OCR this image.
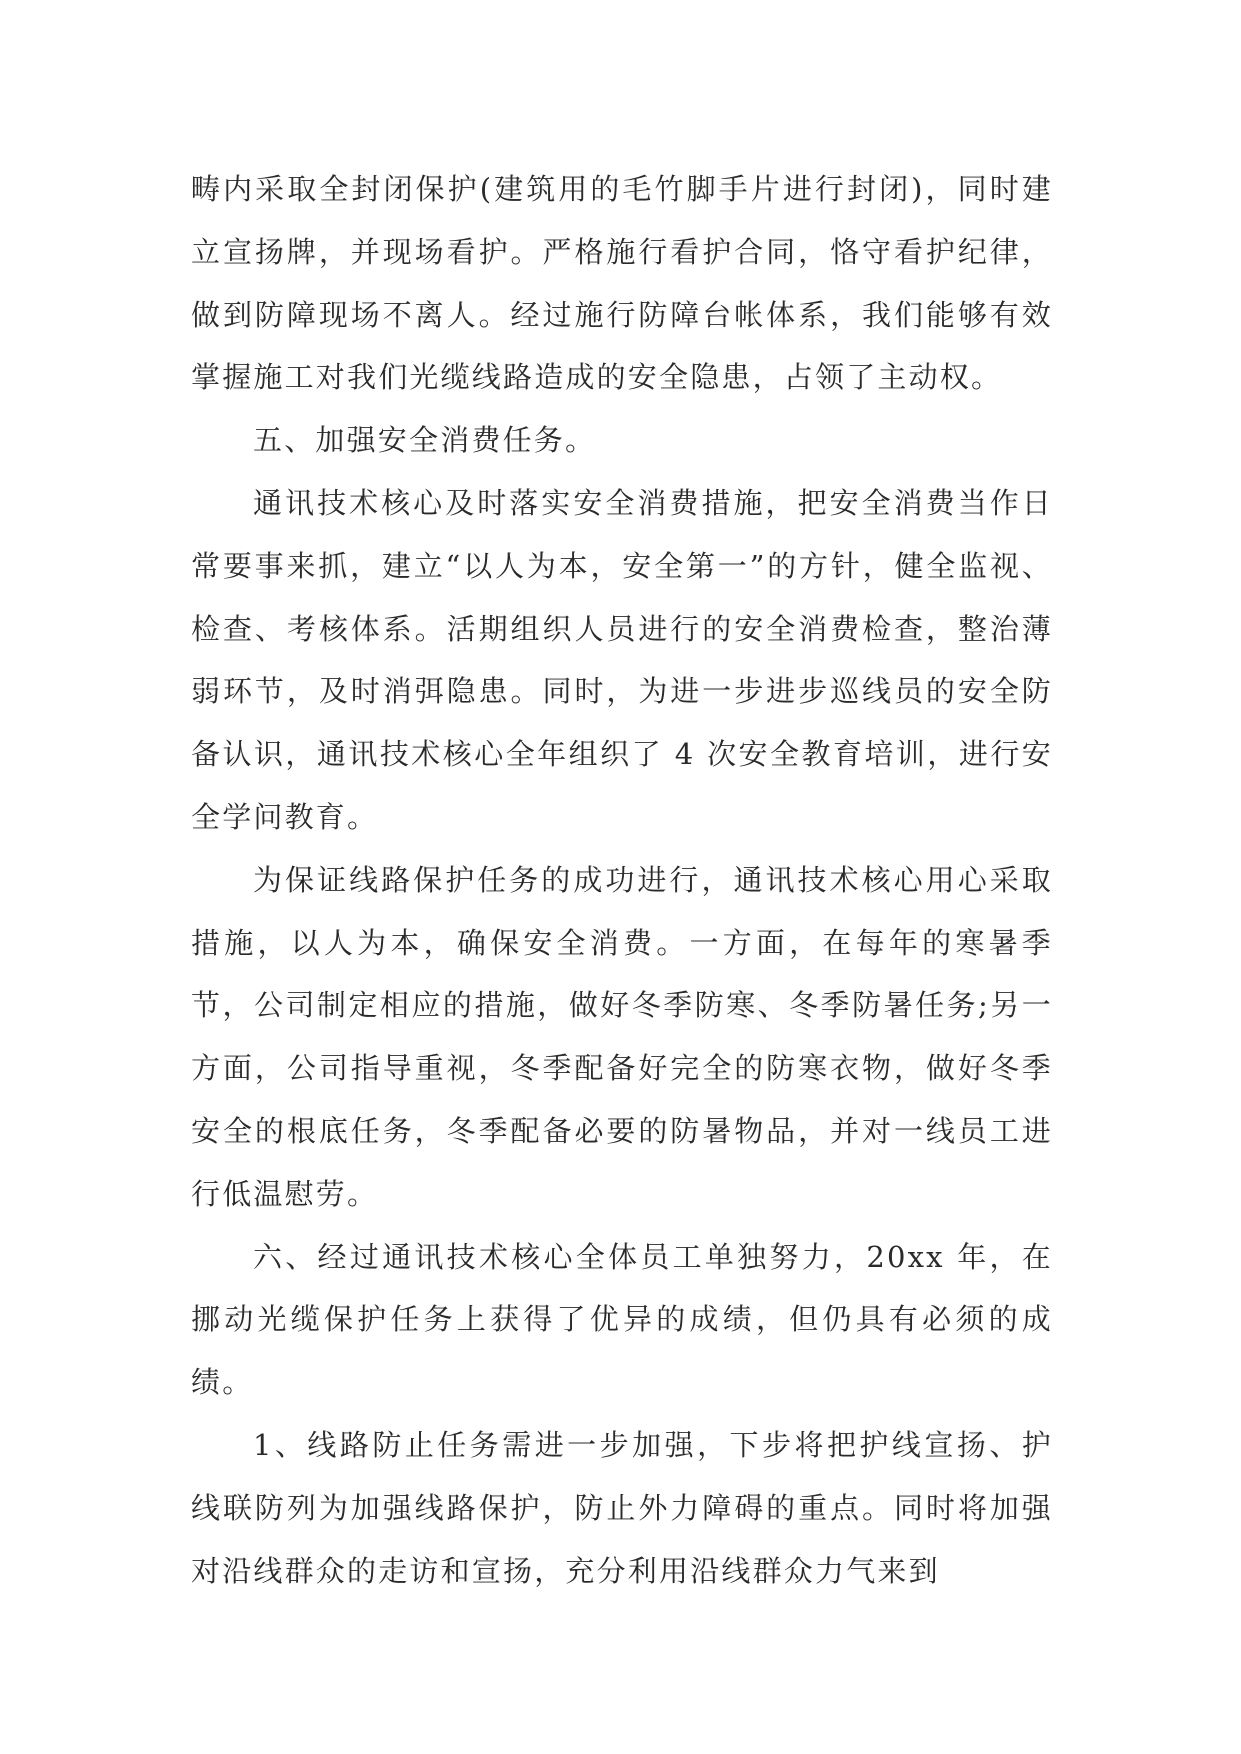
畴内采取全封闭保护(建筑用的毛竹脚手片进行封闭)，同时建立宣扬牌，并现场看护。严格施行看护合同，恪守看护纪律，做到防障现场不离人。经过施行防障台帐体系，我们能够有效掌握施工对我们光缆线路造成的安全隐患，占领了主动权。

五、加强安全消费任务。

通讯技术核心及时落实安全消费措施，把安全消费当作日常要事来抓，建立“以人为本，安全第一”的方针，健全监视、检查、考核体系。活期组织人员进行的安全消费检查，整治薄弱环节，及时消弭隐患。同时，为进一步进步巡线员的安全防备认识，通讯技术核心全年组织了 4 次安全教育培训，进行安全学问教育。

为保证线路保护任务的成功进行，通讯技术核心用心采取措施，以人为本，确保安全消费。一方面，在每年的寒暑季节，公司制定相应的措施，做好冬季防寒、冬季防暑任务;另一方面，公司指导重视，冬季配备好完全的防寒衣物，做好冬季安全的根底任务，冬季配备必要的防暑物品，并对一线员工进行低温慰劳。

六、经过通讯技术核心全体员工单独努力，20xx 年，在挪动光缆保护任务上获得了优异的成绩，但仍具有必须的成绩。

1、线路防止任务需进一步加强，下步将把护线宣扬、护线联防列为加强线路保护，防止外力障碍的重点。同时将加强对沿线群众的走访和宣扬，充分利用沿线群众力气来到
